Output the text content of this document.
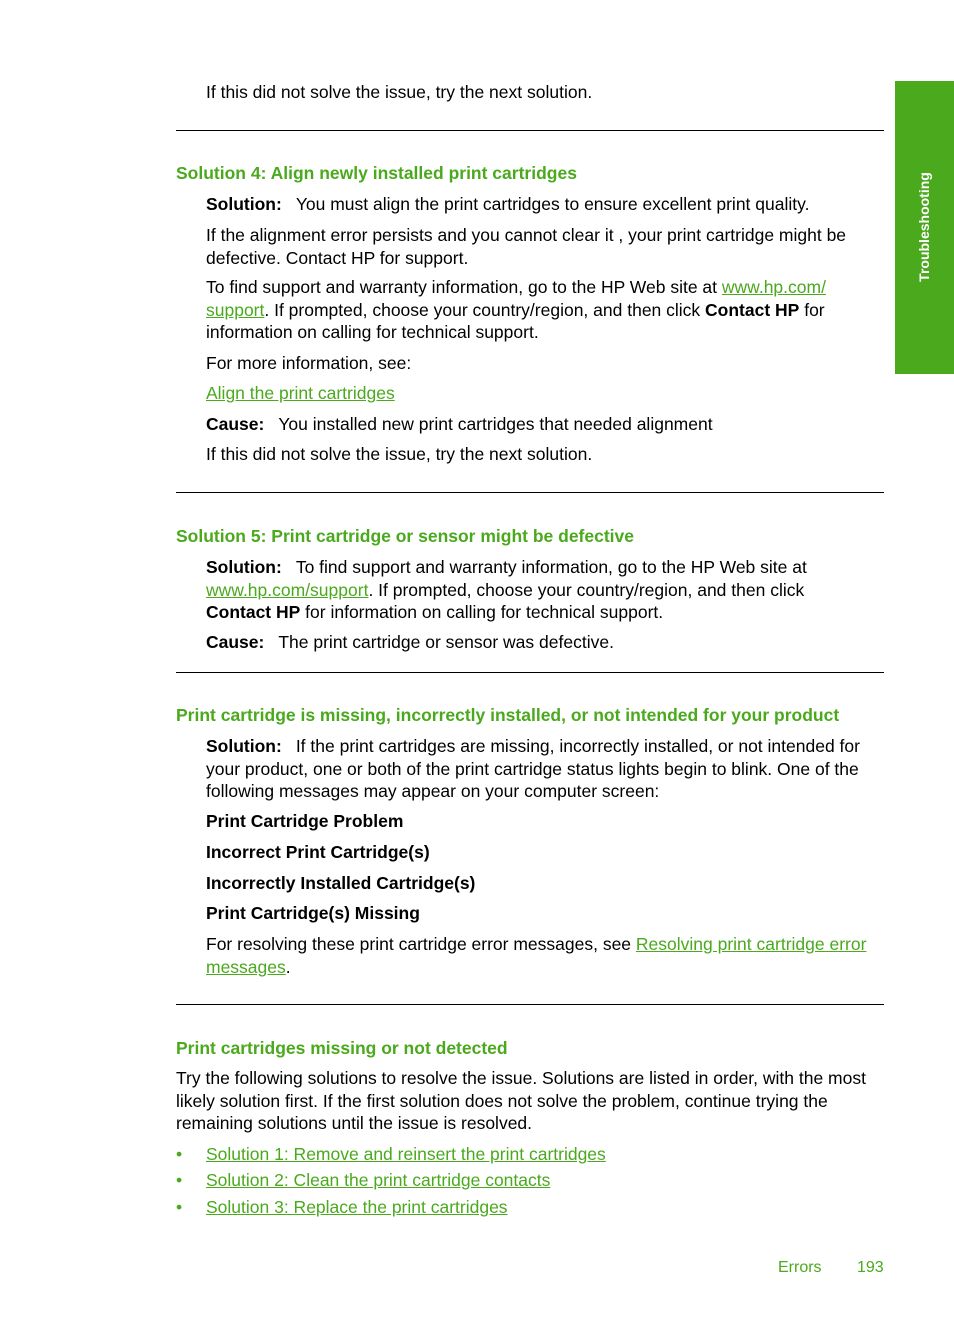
Troubleshooting
If this did not solve the issue, try the next solution.
Solution 4: Align newly installed print cartridges
Solution: You must align the print cartridges to ensure excellent print quality.
If the alignment error persists and you cannot clear it , your print cartridge might be defective. Contact HP for support.
To find support and warranty information, go to the HP Web site at www.hp.com/
support. If prompted, choose your country/region, and then click Contact HP for
information on calling for technical support.
For more information, see:
Align the print cartridges
Cause: You installed new print cartridges that needed alignment
If this did not solve the issue, try the next solution.
Solution 5: Print cartridge or sensor might be defective
Solution: To find support and warranty information, go to the HP Web site at
www.hp.com/support. If prompted, choose your country/region, and then click
Contact HP for information on calling for technical support.
Cause: The print cartridge or sensor was defective.
Print cartridge is missing, incorrectly installed, or not intended for your product
Solution: If the print cartridges are missing, incorrectly installed, or not intended for
your product, one or both of the print cartridge status lights begin to blink. One of the
following messages may appear on your computer screen:
Print Cartridge Problem
Incorrect Print Cartridge(s)
Incorrectly Installed Cartridge(s)
Print Cartridge(s) Missing
For resolving these print cartridge error messages, see Resolving print cartridge error
messages.
Print cartridges missing or not detected
Try the following solutions to resolve the issue. Solutions are listed in order, with the most
likely solution first. If the first solution does not solve the problem, continue trying the
remaining solutions until the issue is resolved.
• Solution 1: Remove and reinsert the print cartridges
• Solution 2: Clean the print cartridge contacts
• Solution 3: Replace the print cartridges
Errors 193
